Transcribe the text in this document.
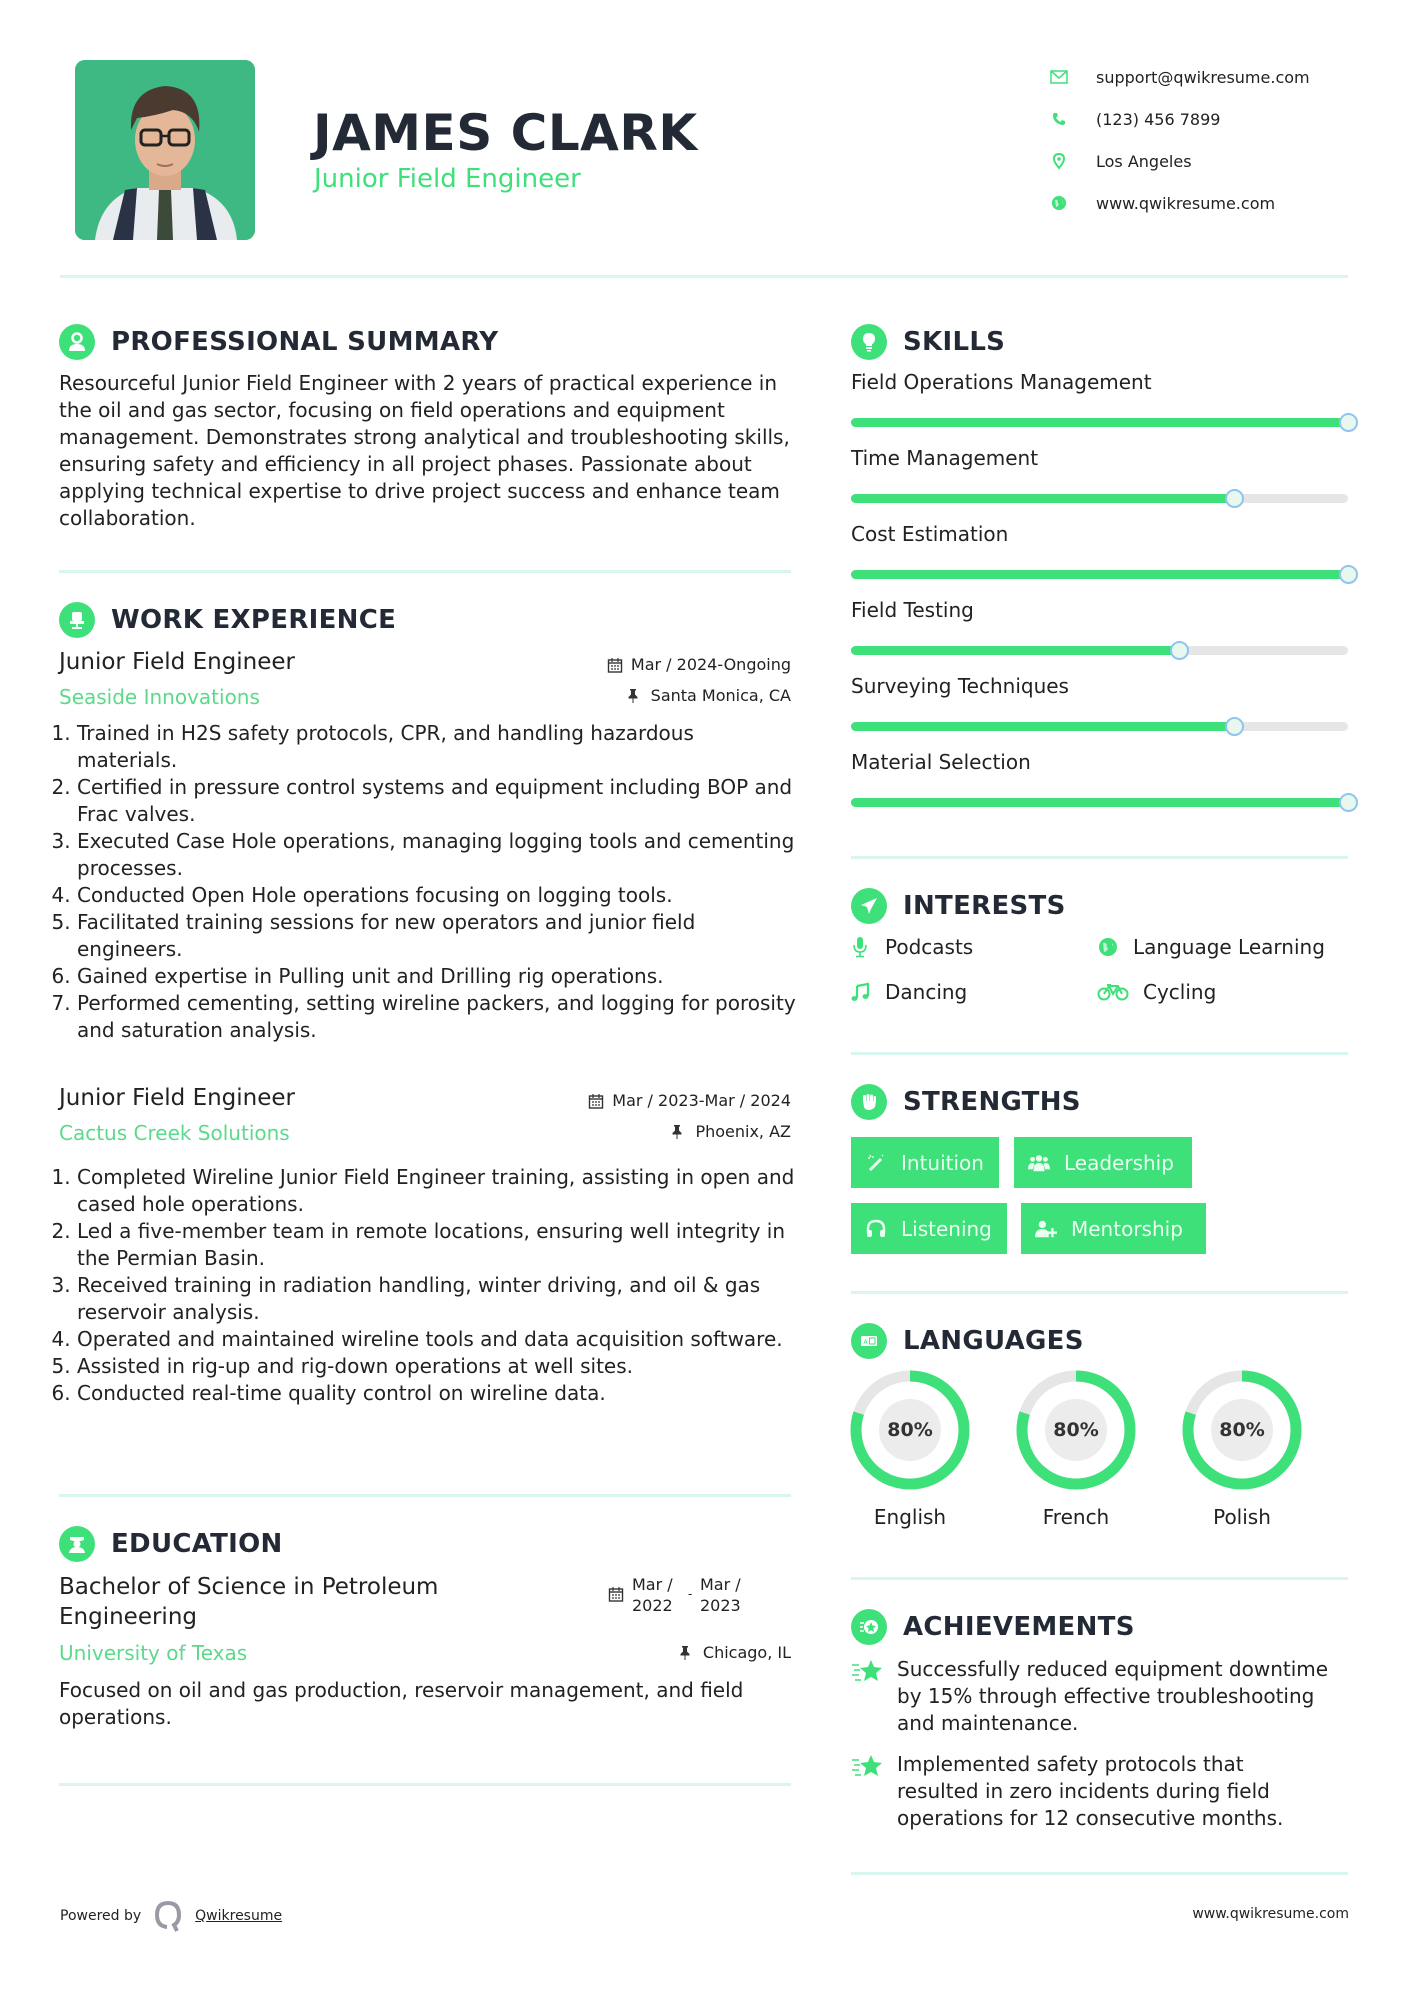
JAMES CLARK
Junior Field Engineer
support@qwikresume.com
(123) 456 7899
Los Angeles
www.qwikresume.com
PROFESSIONAL SUMMARY
Resourceful Junior Field Engineer with 2 years of practical experience in the oil and gas sector, focusing on field operations and equipment management. Demonstrates strong analytical and troubleshooting skills, ensuring safety and efficiency in all project phases. Passionate about applying technical expertise to drive project success and enhance team collaboration.
WORK EXPERIENCE
Junior Field Engineer	Mar / 2024-Ongoing
Seaside Innovations	Santa Monica, CA
1. Trained in H2S safety protocols, CPR, and handling hazardous materials.
2. Certified in pressure control systems and equipment including BOP and Frac valves.
3. Executed Case Hole operations, managing logging tools and cementing processes.
4. Conducted Open Hole operations focusing on logging tools.
5. Facilitated training sessions for new operators and junior field engineers.
6. Gained expertise in Pulling unit and Drilling rig operations.
7. Performed cementing, setting wireline packers, and logging for porosity and saturation analysis.
Junior Field Engineer	Mar / 2023-Mar / 2024
Cactus Creek Solutions	Phoenix, AZ
1. Completed Wireline Junior Field Engineer training, assisting in open and cased hole operations.
2. Led a five-member team in remote locations, ensuring well integrity in the Permian Basin.
3. Received training in radiation handling, winter driving, and oil & gas reservoir analysis.
4. Operated and maintained wireline tools and data acquisition software.
5. Assisted in rig-up and rig-down operations at well sites.
6. Conducted real-time quality control on wireline data.
EDUCATION
Bachelor of Science in Petroleum Engineering
Mar / 2022
- Mar / 2023
University of Texas	Chicago, IL
Focused on oil and gas production, reservoir management, and field operations.
SKILLS
Field Operations Management
Time Management
Cost Estimation
Field Testing
Surveying Techniques
Material Selection
INTERESTS
Podcasts	Language Learning
Dancing	Cycling
STRENGTHS
Intuition	Leadership
Listening	Mentorship
A LANGUAGES
80%
English
80%
French
80%
Polish
ACHIEVEMENTS
Successfully reduced equipment downtime by 15% through effective troubleshooting and maintenance.
Implemented safety protocols that resulted in zero incidents during field operations for 12 consecutive months.
Powered by	Qwikresume	www.qwikresume.com
